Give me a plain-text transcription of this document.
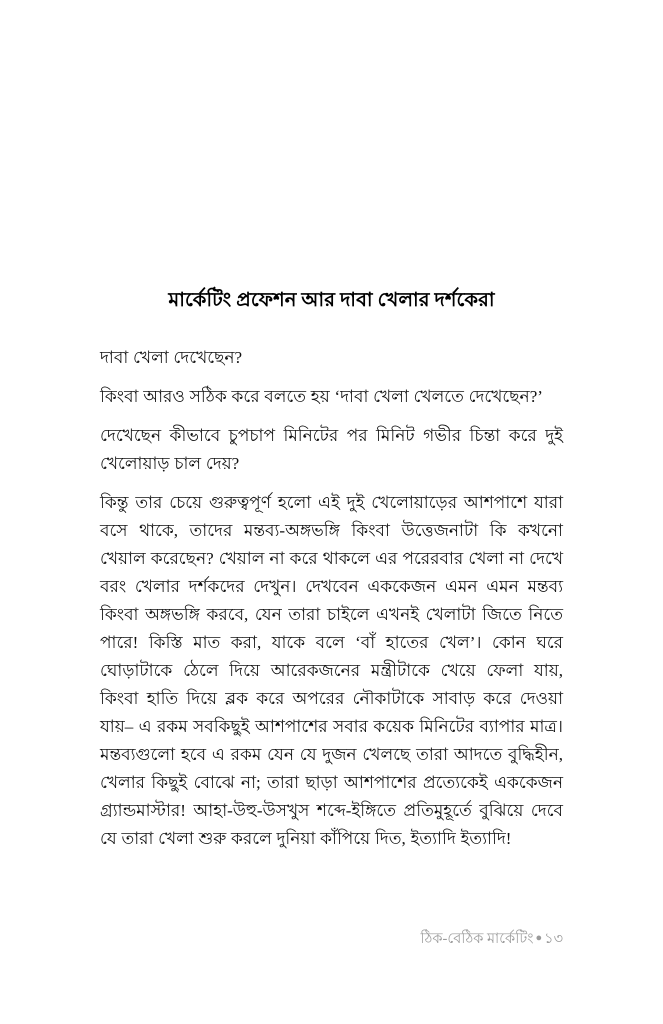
মার্কেটিং প্রফেশন আর দাবা খেলার দর্শকেরা

দাবা খেলা দেখেছেন?

কিংবা আরও সঠিক করে বলতে হয় ‘দাবা খেলা খেলতে দেখেছেন?’

দেখেছেন কীভাবে চুপচাপ মিনিটের পর মিনিট গভীর চিন্তা করে দুই খেলোয়াড় চাল দেয়?

কিন্তু তার চেয়ে গুরুত্বপূর্ণ হলো এই দুই খেলোয়াড়ের আশপাশে যারা বসে থাকে, তাদের মন্তব্য-অঙ্গভঙ্গি কিংবা উত্তেজনাটা কি কখনো খেয়াল করেছেন? খেয়াল না করে থাকলে এর পরেরবার খেলা না দেখে বরং খেলার দর্শকদের দেখুন। দেখবেন এককেজন এমন এমন মন্তব্য কিংবা অঙ্গভঙ্গি করবে, যেন তারা চাইলে এখনই খেলাটা জিতে নিতে পারে! কিস্তি মাত করা, যাকে বলে ‘বাঁ হাতের খেল’। কোন ঘরে ঘোড়াটাকে ঠেলে দিয়ে আরেকজনের মন্ত্রীটাকে খেয়ে ফেলা যায়, কিংবা হাতি দিয়ে ব্লক করে অপরের নৌকাটাকে সাবাড় করে দেওয়া যায়– এ রকম সবকিছুই আশপাশের সবার কয়েক মিনিটের ব্যাপার মাত্র। মন্তব্যগুলো হবে এ রকম যেন যে দুজন খেলছে তারা আদতে বুদ্ধিহীন, খেলার কিছুই বোঝে না; তারা ছাড়া আশপাশের প্রত্যেকেই এককেজন গ্র্যান্ডমাস্টার! আহা-উহু-উসখুস শব্দে-ইঙ্গিতে প্রতিমুহূর্তে বুঝিয়ে দেবে যে তারা খেলা শুরু করলে দুনিয়া কাঁপিয়ে দিত, ইত্যাদি ইত্যাদি!

ঠিক-বেঠিক মার্কেটিং ● ১৩
